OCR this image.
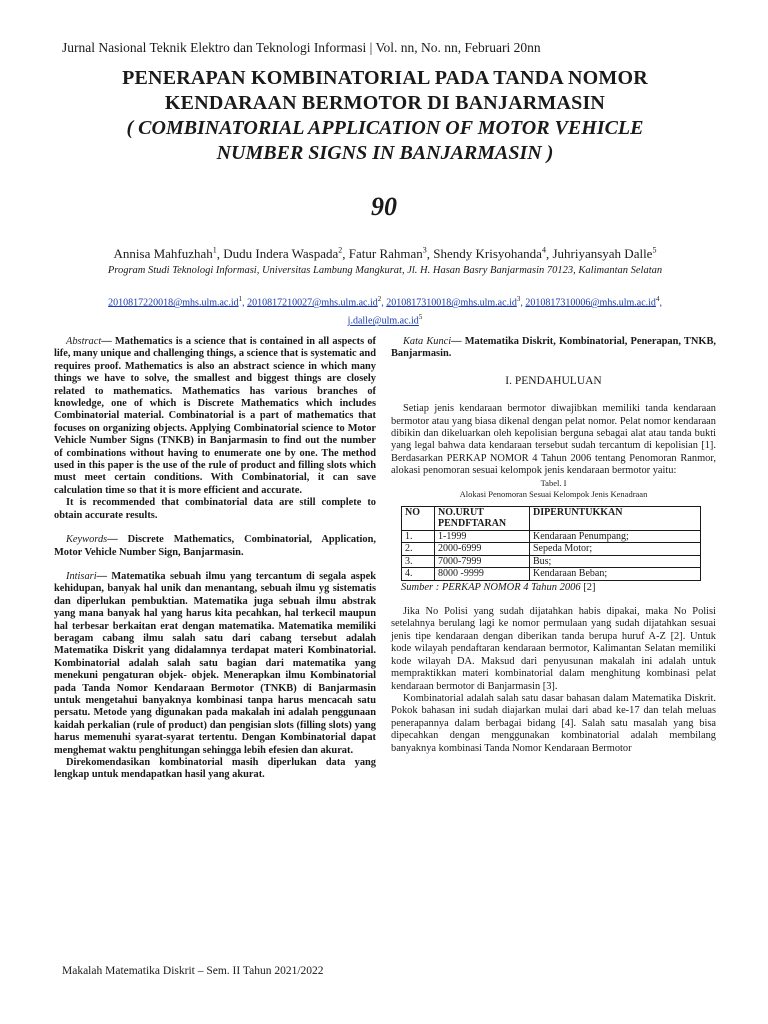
Jurnal Nasional Teknik Elektro dan Teknologi Informasi | Vol. nn, No. nn, Februari 20nn
PENERAPAN KOMBINATORIAL PADA TANDA NOMOR
KENDARAAN BERMOTOR DI BANJARMASIN
( COMBINATORIAL APPLICATION OF MOTOR VEHICLE
NUMBER SIGNS IN BANJARMASIN )
90
Annisa Mahfuzhah$^1$, Dudu Indera Waspada$^2$, Fatur Rahman$^3$, Shendy Krisyohanda$^4$, Juhriyansyah Dalle$^5$
Program Studi Teknologi Informasi, Universitas Lambung Mangkurat, Jl. H. Hasan Basry Banjarmasin 70123, Kalimantan Selatan
$2010817220018@mhs.ulm.ac.id^1$, $2010817210027@mhs.ulm.ac.id^2$, $2010817310018@mhs.ulm.ac.id^3$, $2010817310006@mhs.ulm.ac.id^4$,
$j.dalle@ulm.ac.id^5$

Abstract— Mathematics is a science that is contained in all aspects of life, many unique and challenging things, a science that is systematic and requires proof. Mathematics is also an abstract science in which many things we have to solve, the smallest and biggest things are closely related to mathematics. Mathematics has various branches of knowledge, one of which is Discrete Mathematics which includes Combinatorial material. Combinatorial is a part of mathematics that focuses on organizing objects. Applying Combinatorial science to Motor Vehicle Number Signs (TNKB) in Banjarmasin to find out the number of combinations without having to enumerate one by one. The method used in this paper is the use of the rule of product and filling slots which must meet certain conditions. With Combinatorial, it can save calculation time so that it is more efficient and accurate.

It is recommended that combinatorial data are still complete to obtain accurate results.

Keywords— Discrete Mathematics, Combinatorial, Application, Motor Vehicle Number Sign, Banjarmasin.

Intisari— Matematika sebuah ilmu yang tercantum di segala aspek kehidupan, banyak hal unik dan menantang, sebuah ilmu yg sistematis dan diperlukan pembuktian. Matematika juga sebuah ilmu abstrak yang mana banyak hal yang harus kita pecahkan, hal terkecil maupun hal terbesar berkaitan erat dengan matematika. Matematika memiliki beragam cabang ilmu salah satu dari cabang tersebut adalah Matematika Diskrit yang didalamnya terdapat materi Kombinatorial. Kombinatorial adalah salah satu bagian dari matematika yang menekuni pengaturan objek- objek. Menerapkan ilmu Kombinatorial pada Tanda Nomor Kendaraan Bermotor (TNKB) di Banjarmasin untuk mengetahui banyaknya kombinasi tanpa harus mencacah satu persatu. Metode yang digunakan pada makalah ini adalah penggunaan kaidah perkalian (rule of product) dan pengisian slots (filling slots) yang harus memenuhi syarat-syarat tertentu. Dengan Kombinatorial dapat menghemat waktu penghitungan sehingga lebih efesien dan akurat.

Direkomendasikan kombinatorial masih diperlukan data yang lengkap untuk mendapatkan hasil yang akurat.

Kata Kunci— Matematika Diskrit, Kombinatorial, Penerapan, TNKB, Banjarmasin.

I. PENDAHULUAN

Setiap jenis kendaraan bermotor diwajibkan memiliki tanda kendaraan bermotor atau yang biasa dikenal dengan pelat nomor. Pelat nomor kendaraan dibikin dan dikeluarkan oleh kepolisian berguna sebagai alat atau tanda bukti yang legal bahwa data kendaraan tersebut sudah tercantum di kepolisian [1]. Berdasarkan PERKAP NOMOR 4 Tahun 2006 tentang Penomoran Ranmor, alokasi penomoran sesuai kelompok jenis kendaraan bermotor yaitu:

Tabel. I
Alokasi Penomoran Sesuai Kelompok Jenis Kenadraan
NO	NO.URUT PENDFTARAN	DIPERUNTUKKAN
1.	1-1999	Kendaraan Penumpang;
2.	2000-6999	Sepeda Motor;
3.	7000-7999	Bus;
4.	8000 -9999	Kendaraan Beban;
Sumber : PERKAP NOMOR 4 Tahun 2006 [2]

Jika No Polisi yang sudah dijatahkan habis dipakai, maka No Polisi setelahnya berulang lagi ke nomor permulaan yang sudah dijatahkan sesuai jenis tipe kendaraan dengan diberikan tanda berupa huruf A-Z [2]. Untuk kode wilayah pendaftaran kendaraan bermotor, Kalimantan Selatan memiliki kode wilayah DA. Maksud dari penyusunan makalah ini adalah untuk mempraktikkan materi kombinatorial dalam menghitung kombinasi pelat kendaraan bermotor di Banjarmasin [3].

Kombinatorial adalah salah satu dasar bahasan dalam Matematika Diskrit. Pokok bahasan ini sudah diajarkan mulai dari abad ke-17 dan telah meluas penerapannya dalam berbagai bidang [4]. Salah satu masalah yang bisa dipecahkan dengan menggunakan kombinatorial adalah membilang banyaknya kombinasi Tanda Nomor Kendaraan Bermotor

Makalah Matematika Diskrit – Sem. II Tahun 2021/2022
